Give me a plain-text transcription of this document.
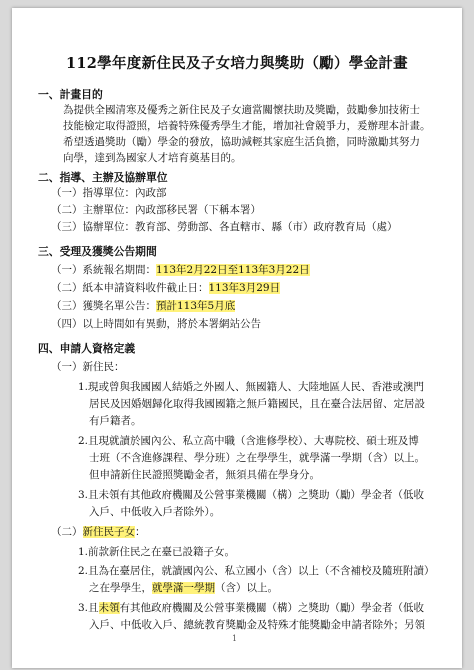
112學年度新住民及子女培力與獎助（勵）學金計畫
一、計畫目的
為提供全國清寒及優秀之新住民及子女適當關懷扶助及獎勵，鼓勵參加技術士
技能檢定取得證照，培養特殊優秀學生才能，增加社會競爭力，爰辦理本計畫。
希望透過獎助（勵）學金的發放，協助減輕其家庭生活負擔，同時激勵其努力
向學，達到為國家人才培育奠基目的。
二、指導、主辦及協辦單位
（一）指導單位：內政部
（二）主辦單位：內政部移民署（下稱本署）
（三）協辦單位：教育部、勞動部、各直轄市、縣（市）政府教育局（處）
三、受理及獲獎公告期間
（一）系統報名期間：113年2月22日至113年3月22日
（二）紙本申請資料收件截止日：113年3月29日
（三）獲獎名單公告：預計113年5月底
（四）以上時間如有異動，將於本署網站公告
四、申請人資格定義
（一）新住民：
1.現或曾與我國國人結婚之外國人、無國籍人、大陸地區人民、香港或澳門
居民及因婚姻歸化取得我國國籍之無戶籍國民，且在臺合法居留、定居設
有戶籍者。
2.且現就讀於國內公、私立高中職（含進修學校）、大專院校、碩士班及博
士班（不含進修課程、學分班）之在學學生，就學滿一學期（含）以上。
但申請新住民證照獎勵金者，無須具備在學身分。
3.且未領有其他政府機關及公營事業機關（構）之獎助（勵）學金者（低收
入戶、中低收入戶者除外）。
（二）新住民子女：
1.前款新住民之在臺已設籍子女。
2.且為在臺居住，就讀國內公、私立國小（含）以上（不含補校及隨班附讀）
之在學學生，就學滿一學期（含）以上。
3.且未領有其他政府機關及公營事業機關（構）之獎助（勵）學金者（低收
入戶、中低收入戶、總統教育獎勵金及特殊才能獎勵金申請者除外；另領
1
